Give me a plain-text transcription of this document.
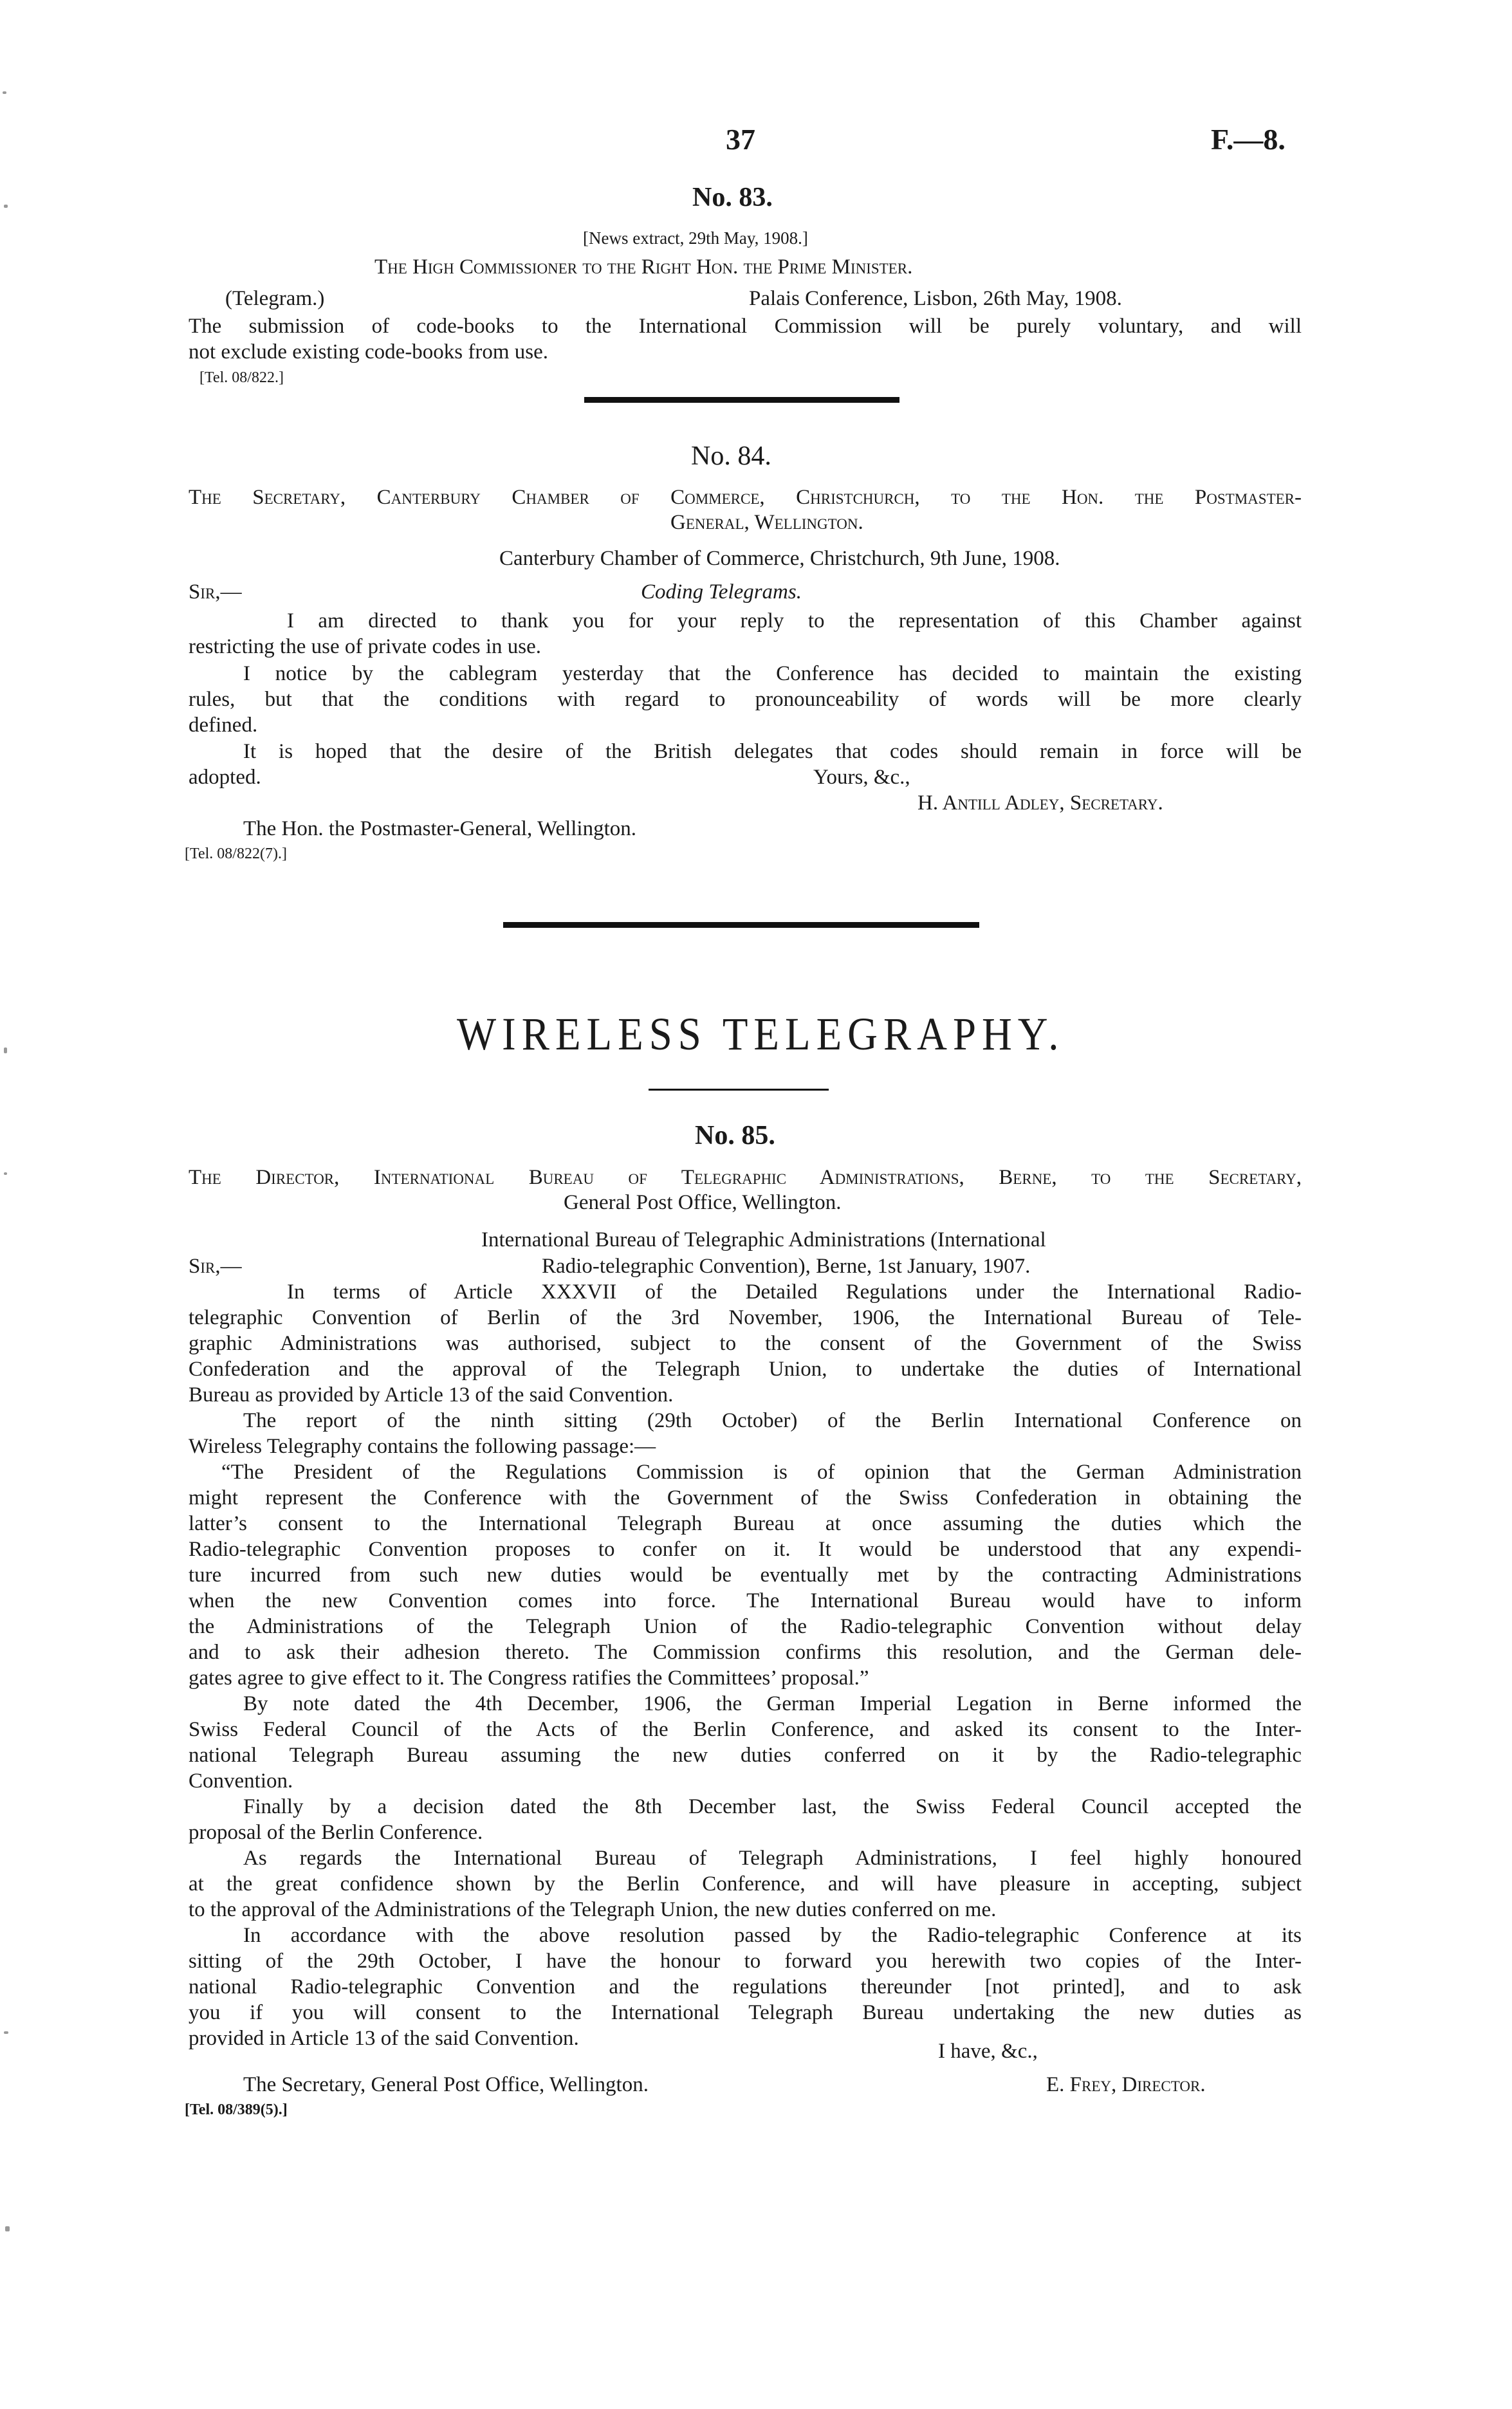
37	F.—8.
No. 83.
[News extract, 29th May, 1908.]
The High Commissioner to the Right Hon. the Prime Minister.
(Telegram.)	Palais Conference, Lisbon, 26th May, 1908.
The submission of code-books to the International Commission will be purely voluntary, and will
not exclude existing code-books from use.
[Tel. 08/822.]
No. 84.
The Secretary, Canterbury Chamber of Commerce, Christchurch, to the Hon. the Postmaster-
General, Wellington.
Canterbury Chamber of Commerce, Christchurch, 9th June, 1908.
Sir,—	Coding Telegrams.
I am directed to thank you for your reply to the representation of this Chamber against
restricting the use of private codes in use.
I notice by the cablegram yesterday that the Conference has decided to maintain the existing
rules, but that the conditions with regard to pronounceability of words will be more clearly
defined.
It is hoped that the desire of the British delegates that codes should remain in force will be
adopted.	Yours, &c.,
H. Antill Adley, Secretary.
The Hon. the Postmaster-General, Wellington.
[Tel. 08/822(7).]
WIRELESS TELEGRAPHY.
No. 85.
The Director, International Bureau of Telegraphic Administrations, Berne, to the Secretary,
General Post Office, Wellington.
International Bureau of Telegraphic Administrations (International
Sir,—	Radio-telegraphic Convention), Berne, 1st January, 1907.
In terms of Article XXXVII of the Detailed Regulations under the International Radio-
telegraphic Convention of Berlin of the 3rd November, 1906, the International Bureau of Tele-
graphic Administrations was authorised, subject to the consent of the Government of the Swiss
Confederation and the approval of the Telegraph Union, to undertake the duties of International
Bureau as provided by Article 13 of the said Convention.
The report of the ninth sitting (29th October) of the Berlin International Conference on
Wireless Telegraphy contains the following passage:—
“The President of the Regulations Commission is of opinion that the German Administration
might represent the Conference with the Government of the Swiss Confederation in obtaining the
latter’s consent to the International Telegraph Bureau at once assuming the duties which the
Radio-telegraphic Convention proposes to confer on it. It would be understood that any expendi-
ture incurred from such new duties would be eventually met by the contracting Administrations
when the new Convention comes into force. The International Bureau would have to inform
the Administrations of the Telegraph Union of the Radio-telegraphic Convention without delay
and to ask their adhesion thereto. The Commission confirms this resolution, and the German dele-
gates agree to give effect to it. The Congress ratifies the Committees’ proposal.”
By note dated the 4th December, 1906, the German Imperial Legation in Berne informed the
Swiss Federal Council of the Acts of the Berlin Conference, and asked its consent to the Inter-
national Telegraph Bureau assuming the new duties conferred on it by the Radio-telegraphic
Convention.
Finally by a decision dated the 8th December last, the Swiss Federal Council accepted the
proposal of the Berlin Conference.
As regards the International Bureau of Telegraph Administrations, I feel highly honoured
at the great confidence shown by the Berlin Conference, and will have pleasure in accepting, subject
to the approval of the Administrations of the Telegraph Union, the new duties conferred on me.
In accordance with the above resolution passed by the Radio-telegraphic Conference at its
sitting of the 29th October, I have the honour to forward you herewith two copies of the Inter-
national Radio-telegraphic Convention and the regulations thereunder [not printed], and to ask
you if you will consent to the International Telegraph Bureau undertaking the new duties as
provided in Article 13 of the said Convention.
I have, &c.,
The Secretary, General Post Office, Wellington.	E. Frey, Director.
[Tel. 08/389(5).]
